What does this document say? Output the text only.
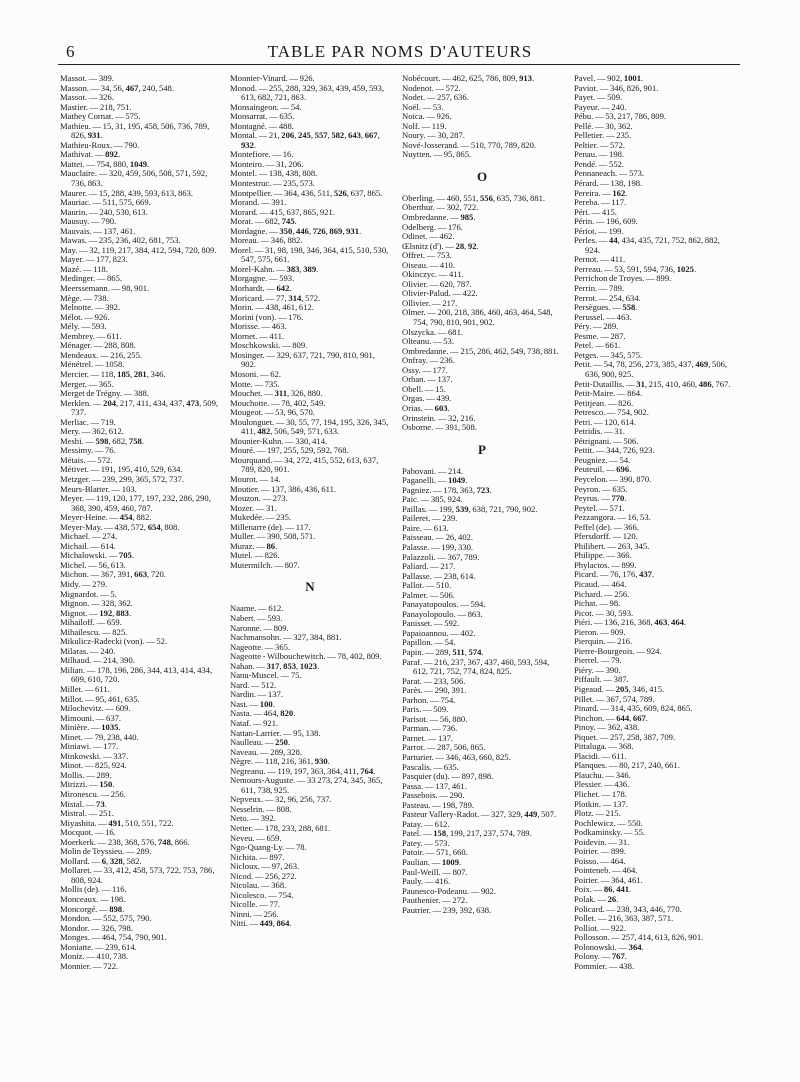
6	TABLE PAR NOMS D'AUTEURS
Massot. — 389.
Masson. — 34, 56, 467, 240, 548.
Massot. — 326.
Mastier. — 218, 751.
Mathey Cornat. — 575.
Mathieu. — 15, 31, 195, 458, 506, 736, 789, 826, 931.
Mathieu-Roux. — 790.
Mathivat. — 892.
Mattei. — 754, 880, 1049.
Mauclaire. — 320, 459, 506, 508, 571, 592, 736, 863.
Maurer. — 15, 288, 439, 593, 613, 863.
Mauriac. — 511, 575, 669.
Maurin. — 240, 530, 613.
Mausuy. — 790.
Mauvais. — 137, 461.
Mawas. — 235, 236, 402, 681, 753.
May. — 32, 119, 217, 384, 412, 594, 720, 809.
Mayer. — 177, 823.
Mazé. — 118.
Medinger. — 865.
Meerssemann. — 98, 901.
Mège. — 738.
Melnotte. — 392.
Mélot. — 926.
Mély. — 593.
Membrey. — 611.
Ménager. — 288, 808.
Mendeaux. — 216, 255.
Ménétrel. — 1058.
Mercier. — 118, 185, 281, 346.
Merger. — 365.
Merget de Trégny. — 388.
Merklen. — 204, 217, 411, 434, 437, 473, 509, 737.
Merliac. — 719.
Mery. — 362, 612.
Meshi. — 598, 682, 758.
Messimy. — 76.
Métais. — 572.
Métivet. — 191, 195, 410, 529, 634.
Metzger. — 239, 299, 365, 572, 737.
Meurs-Blatter. — 103.
Meyer. — 119, 120, 177, 197, 232, 286, 290, 368, 390, 459, 460, 787.
Meyer-Heine. — 454, 882.
Meyer-May. — 438, 572, 654, 808.
Michael. — 274.
Michail. — 614.
Michalowski. — 705.
Michel. — 56, 613.
Michon. — 367, 391, 663, 720.
Midy. — 279.
Mignardot. — 5.
Mignon. — 328, 362.
Mignot. — 192, 883.
Mihailoff. — 659.
Mihailescu. — 825.
Mikulicz-Radecki (von). — 52.
Milaras. — 240.
Milhaud. — 214, 390.
Milian. — 178, 196, 286, 344, 413, 414, 434, 609, 610, 720.
Millet. — 611.
Millot. — 95, 461, 635.
Milochevitz. — 609.
Mimouni. — 637.
Minière. — 1035.
Minet. — 79, 238, 440.
Miniawi. — 177.
Minkowski. — 337.
Minot. — 825, 924.
Mollis. — 289.
Mirizzi. — 150.
Mironescu. — 256.
Mistal. — 73.
Mistral. — 251.
Miyashita. — 491, 510, 551, 722.
Mocquot. — 16.
Moerkerk. — 238, 368, 576, 748, 866.
Molin de Teyssieu. — 289.
Mollard. — 6, 328, 582.
Mollaret. — 33, 412, 458, 573, 722, 753, 786, 808, 924.
Mollis (de). — 116.
Monceaux. — 198.
Moncorgé. — 898.
Mondon. — 552, 575, 790.
Mondor. — 326, 798.
Monges. — 464, 754, 790, 901.
Moniatte. — 239, 614.
Moniz. — 410, 738.
Monnier. — 722.
Monnier-Vinard. — 926.
Monod. — 255, 288, 329, 363, 439, 459, 593, 613, 682, 721, 863.
Monsaingeon. — 54.
Monsarrat. — 635.
Montagné. — 488.
Montal. — 21, 206, 245, 557, 582, 643, 667, 932.
Montefiore. — 16.
Monteiro. — 31, 206.
Montel. — 138, 438, 808.
Montestruc. — 235, 573.
Montpellier. — 364, 436, 511, 526, 637, 865.
Morand. — 391.
Morard. — 415, 637, 865, 921.
Morat. — 682, 745.
Mordagne. — 350, 446, 726, 869, 931.
Moreau. — 346, 882.
Morel. — 31, 98, 198, 346, 364, 415, 510, 530, 547, 575, 661.
Morel-Kahn. — 383, 389.
Morgagne. — 593.
Morhardt. — 642.
Moricard. — 77, 314, 572.
Morin. — 438, 461, 612.
Morini (von). — 176.
Morisse. — 463.
Mornet. — 411.
Moschkowski. — 809.
Mosinger. — 329, 637, 721, 790, 810, 901, 902.
Mosoni. — 62.
Motte. — 735.
Mouchet. — 311, 326, 880.
Mouchotte. — 78, 402, 549.
Mougeot. — 53, 96, 570.
Moulonguet. — 30, 55, 77, 194, 195, 326, 345, 411, 482, 506, 549, 571, 633.
Mounier-Kuhn. — 330, 414.
Mouré. — 197, 255, 529, 592, 768.
Mourquand. — 34, 272, 415, 552, 613, 637, 789, 820, 901.
Mourot. — 14.
Moutier. — 137, 386, 436, 611.
Mouzon. — 273.
Mozer. — 31.
Mukedée. — 235.
Millenarre (de). — 117.
Muller. — 390, 508, 571.
Muraz. — 86.
Mutel. — 826.
Mutermilch. — 807.
N
Naame. — 612.
Nabert. — 593.
Naronne. — 809.
Nachmansohn. — 327, 384, 881.
Nageotte. — 365.
Nageotte - Wilbouchewitch. — 78, 402, 809.
Nahan. — 317, 853, 1023.
Nanu-Muscel. — 75.
Nard. — 512.
Nardin. — 137.
Nast. — 100.
Nasta. — 464, 820.
Nataf. — 921.
Nattan-Larrier. — 95, 138.
Naulleau. — 250.
Naveau. — 289, 328.
Nègre. — 118, 216, 361, 930.
Negreanu. — 119, 197, 363, 364, 411, 764.
Nemours-Auguste. — 33 273, 274, 345, 365, 611, 738, 925.
Nepveux. — 32, 96, 256, 737.
Nesselrin. — 808.
Neto. — 392.
Netter. — 178, 233, 288, 681.
Neveu. — 659.
Ngo-Quang-Ly. — 78.
Nichita. — 897.
Nicloux. — 97, 263.
Nicod. — 256, 272.
Nicolau. — 368.
Nicolesco. — 754.
Nicolle. — 77.
Ninni. — 256.
Nitti. — 449, 864.
Nobécourt. — 462, 625, 786, 809, 913.
Nodenot. — 572.
Nodet. — 257, 636.
Noël. — 53.
Noica. — 926.
Nolf. — 119.
Noury. — 30, 287.
Nové-Josserand. — 510, 770, 789, 820.
Nuytten. — 95, 865.
O
Oberling. — 460, 551, 556, 635, 736, 881.
Oberthur. — 302, 722.
Ombredanne. — 985.
Odelberg. — 176.
Odinet. — 462.
Œlsnitz (d'). — 28, 92.
Offret. — 753.
Oiseau. — 410.
Okinczyc. — 411.
Olivier. — 620, 787.
Olivier-Palud. — 422.
Ollivier. — 217.
Olmer. — 200, 218, 386, 460, 463, 464, 548, 754, 790, 810, 901, 902.
Olszycka. — 681.
Olteanu. — 53.
Ombredanne. — 215, 286, 462, 549, 738, 881.
Onfray. — 236.
Ossy. — 177.
Orban. — 137.
Obell. — 15.
Orgas. — 439.
Orias. — 603.
Orinstein. — 32, 216.
Osborne. — 391, 508.
P
Pabovani. — 214.
Paganelli. — 1049.
Pagniez. — 178, 363, 723.
Paic. — 385, 924.
Paillas. — 199, 539, 638, 721, 790, 902.
Paileret. — 239.
Paire. — 613.
Paisseau. — 26, 402.
Palasse. — 199, 330.
Palazzoli. — 367, 789.
Paliard. — 217.
Pallasse. — 238, 614.
Pallot. — 510.
Palmer. — 506.
Panayatopoulos. — 594.
Panayolopoulo. — 863.
Panisset. — 592.
Papaioannou. — 402.
Papillon. — 54.
Papin. — 289, 511, 574.
Paraf. — 216, 237, 367, 437, 460, 593, 594, 612, 721, 752, 774, 824, 825.
Parat. — 233, 506.
Parès. — 290, 391.
Parhon. — 754.
Paris. — 509.
Parisot. — 56, 880.
Parman. — 736.
Parnet. — 137.
Parrot. — 287, 506, 865.
Parturier. — 346, 463, 660, 825.
Pascalis. — 635.
Pasquier (du). — 897, 898.
Passa. — 137, 461.
Passebois. — 290.
Pasteau. — 198, 789.
Pasteur Vallery-Radot. — 327, 329, 449, 507.
Patay. — 612.
Patel. — 158, 199, 217, 237, 574, 789.
Patey. — 573.
Patoir. — 571, 660.
Paulian. — 1009.
Paul-Weill. — 807.
Pauly. — 416.
Paunesco-Podeanu. — 902.
Pauthenier. — 272.
Pautrier. — 239, 392, 638.
Pavel. — 902, 1001.
Paviot. — 346, 826, 901.
Payet. — 509.
Payeur. — 240.
Pébu. — 53, 217, 786, 809.
Pellé. — 30, 362.
Pelletier. — 235.
Peltier. — 572.
Penau. — 198.
Pendé. — 552.
Pennaneach. — 573.
Pérard. — 138, 198.
Pereira. — 162.
Pereba. — 117.
Péri. — 415.
Périn. — 196, 609.
Périot. — 199.
Perles. — 44, 434, 435, 721, 752, 862, 882, 924.
Pernot. — 411.
Perreau. — 53, 591, 594, 736, 1025.
Perrichon de Troyes. — 899.
Perrin. — 789.
Perrot. — 254, 634.
Persègues. — 558.
Perussel. — 463.
Péry. — 289.
Pesme. — 287.
Petel. — 661.
Petges. — 345, 575.
Petit. — 54, 78, 256, 273, 385, 437, 469, 506, 636, 900, 925.
Petit-Dutaillis. — 31, 215, 410, 460, 486, 767.
Petit-Maire. — 864.
Petitjean. — 826.
Petresco. — 754, 902.
Petri. — 120, 614.
Petridis. — 31.
Pétrignani. — 506.
Pettit. — 344, 726, 923.
Peugniez. — 54.
Peuteuil. — 696.
Peycelon. — 390, 870.
Peyron. — 635.
Peyrus. — 770.
Peytel. — 571.
Pezzangora. — 16, 53.
Peffel (de). — 366.
Pfersdorff. — 120.
Philibert. — 263, 345.
Philippe. — 366.
Phylactos. — 899.
Picard. — 76, 176, 437.
Picaud. — 464.
Pichard. — 256.
Pichat. — 98.
Picot. — 30, 593.
Piéri. — 136, 216, 368, 463, 464.
Pieron. — 909.
Pierquin. — 216.
Pierre-Bourgeois. — 924.
Pierrel. — 79.
Piéry. — 390.
Piffault. — 387.
Pigeaud. — 205, 346, 415.
Pillet. — 367, 574, 789.
Pinard. — 314, 435, 609, 824, 865.
Pinchon. — 644, 667.
Pinoy. — 362, 438.
Piquet. — 257, 258, 387, 709.
Pittaluga. — 368.
Placidi. — 611.
Planques. — 80, 217, 240, 661.
Plauchu. — 346.
Plessier. — 436.
Plichet. — 178.
Plotkin. — 137.
Plotz. — 215.
Pochlewicz. — 550.
Podkaminsky. — 55.
Poidevin. — 31.
Poirier. — 899.
Poisso. — 464.
Pointeneb. — 464.
Poirier. — 364, 461.
Poix. — 86, 441.
Polak. — 26.
Policard. — 238, 343, 446, 770.
Pollet. — 216, 363, 387, 571.
Polliot. — 922.
Pollosson. — 257, 414, 613, 826, 901.
Polonowski. — 364.
Polony. — 767.
Pommier. — 438.
